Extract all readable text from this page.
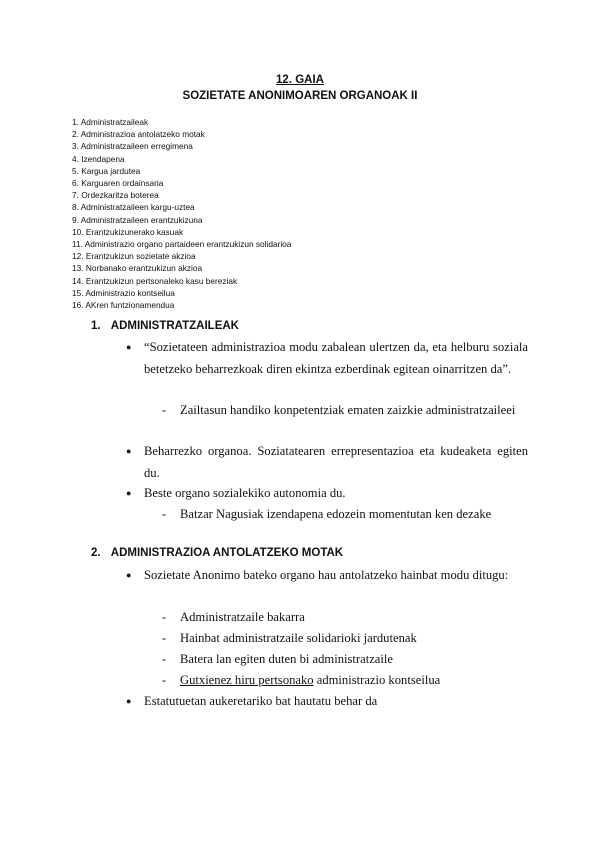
12. GAIA
SOZIETATE ANONIMOAREN ORGANOAK II
1. Administratzaileak
2. Administrazioa antolatzeko motak
3. Administratzaileen erregimena
4. Izendapena
5. Kargua jardutea
6. Karguaren ordainsaria
7. Ordezkaritza boterea
8. Administratzaileen kargu-uztea
9. Administratzaileen erantzukizuna
10. Erantzukizunerako kasuak
11. Administrazio organo partaideen erantzukizun solidarioa
12. Erantzukizun sozietate akzioa
13. Norbanako erantzukizun akzioa
14. Erantzukizun pertsonaleko kasu bereziak
15. Administrazio kontseilua
16. AKren funtzionamendua
1. ADMINISTRATZAILEAK
● “Sozietateen administrazioa modu zabalean ulertzen da, eta helburu soziala betetzeko beharrezkoak diren ekintza ezberdinak egitean oinarritzen da”.
- Zailtasun handiko konpetentziak ematen zaizkie administratzaileei
● Beharrezko organoa. Soziatatearen errepresentazioa eta kudeaketa egiten du.
● Beste organo sozialekiko autonomia du.
- Batzar Nagusiak izendapena edozein momentutan ken dezake
2. ADMINISTRAZIOA ANTOLATZEKO MOTAK
● Sozietate Anonimo bateko organo hau antolatzeko hainbat modu ditugu:
- Administratzaile bakarra
- Hainbat administratzaile solidarioki jardutenak
- Batera lan egiten duten bi administratzaile
- Gutxienez hiru pertsonako administrazio kontseilua
● Estatutuetan aukeretariko bat hautatu behar da
